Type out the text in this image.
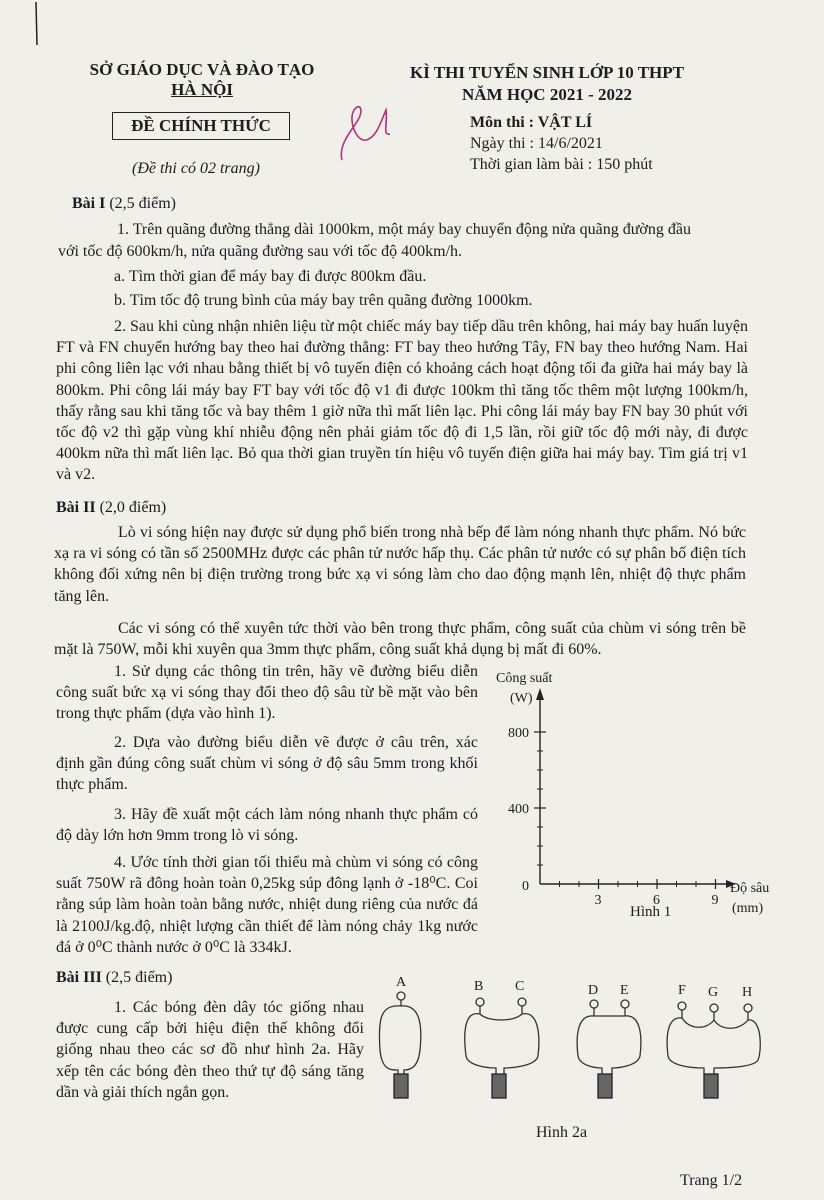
SỞ GIÁO DỤC VÀ ĐÀO TẠO
HÀ NỘI
ĐỀ CHÍNH THỨC
(Đề thi có 02 trang)
KÌ THI TUYỂN SINH LỚP 10 THPT
NĂM HỌC 2021 - 2022
Môn thi : VẬT LÍ
Ngày thi : 14/6/2021
Thời gian làm bài : 150 phút
Bài I (2,5 điểm)
1. Trên quãng đường thẳng dài 1000km, một máy bay chuyển động nửa quãng đường đầu
với tốc độ 600km/h, nửa quãng đường sau với tốc độ 400km/h.
a. Tìm thời gian để máy bay đi được 800km đầu.
b. Tìm tốc độ trung bình của máy bay trên quãng đường 1000km.

2. Sau khi cùng nhận nhiên liệu từ một chiếc máy bay tiếp dầu trên không, hai máy bay huấn luyện FT và FN chuyển hướng bay theo hai đường thẳng: FT bay theo hướng Tây, FN bay theo hướng Nam. Hai phi công liên lạc với nhau bằng thiết bị vô tuyến điện có khoảng cách hoạt động tối đa giữa hai máy bay là 800km. Phi công lái máy bay FT bay với tốc độ v1 đi được 100km thì tăng tốc thêm một lượng 100km/h, thấy rằng sau khi tăng tốc và bay thêm 1 giờ nữa thì mất liên lạc. Phi công lái máy bay FN bay 30 phút với tốc độ v2 thì gặp vùng khí nhiễu động nên phải giảm tốc độ đi 1,5 lần, rồi giữ tốc độ mới này, đi được 400km nữa thì mất liên lạc. Bỏ qua thời gian truyền tín hiệu vô tuyến điện giữa hai máy bay. Tìm giá trị v1 và v2.

Bài II (2,0 điểm)

Lò vi sóng hiện nay được sử dụng phổ biến trong nhà bếp để làm nóng nhanh thực phẩm. Nó bức xạ ra vi sóng có tần số 2500MHz được các phân tử nước hấp thụ. Các phân tử nước có sự phân bố điện tích không đối xứng nên bị điện trường trong bức xạ vi sóng làm cho dao động mạnh lên, nhiệt độ thực phẩm tăng lên.

Các vi sóng có thể xuyên tức thời vào bên trong thực phẩm, công suất của chùm vi sóng trên bề mặt là 750W, mỗi khi xuyên qua 3mm thực phẩm, công suất khả dụng bị mất đi 60%.

1. Sử dụng các thông tin trên, hãy vẽ đường biểu diễn công suất bức xạ vi sóng thay đổi theo độ sâu từ bề mặt vào bên trong thực phẩm (dựa vào hình 1).

2. Dựa vào đường biểu diễn vẽ được ở câu trên, xác định gần đúng công suất chùm vi sóng ở độ sâu 5mm trong khối thực phẩm.

3. Hãy đề xuất một cách làm nóng nhanh thực phẩm có độ dày lớn hơn 9mm trong lò vi sóng.

4. Ước tính thời gian tối thiểu mà chùm vi sóng có công suất 750W rã đông hoàn toàn 0,25kg súp đông lạnh ở -18⁰C. Coi rằng súp làm hoàn toàn bằng nước, nhiệt dung riêng của nước đá là 2100J/kg.độ, nhiệt lượng cần thiết để làm nóng chảy 1kg nước đá ở 0⁰C thành nước ở 0⁰C là 334kJ.

Công suất
(W)
3	6	9
400
800
0	Độ sâu
(mm)
Hình 1
Bài III (2,5 điểm)

1. Các bóng đèn dây tóc giống nhau được cung cấp bởi hiệu điện thế không đổi giống nhau theo các sơ đồ như hình 2a. Hãy xếp tên các bóng đèn theo thứ tự độ sáng tăng dần và giải thích ngắn gọn.

A	B C	D E	F G H
Hình 2a
Trang 1/2
